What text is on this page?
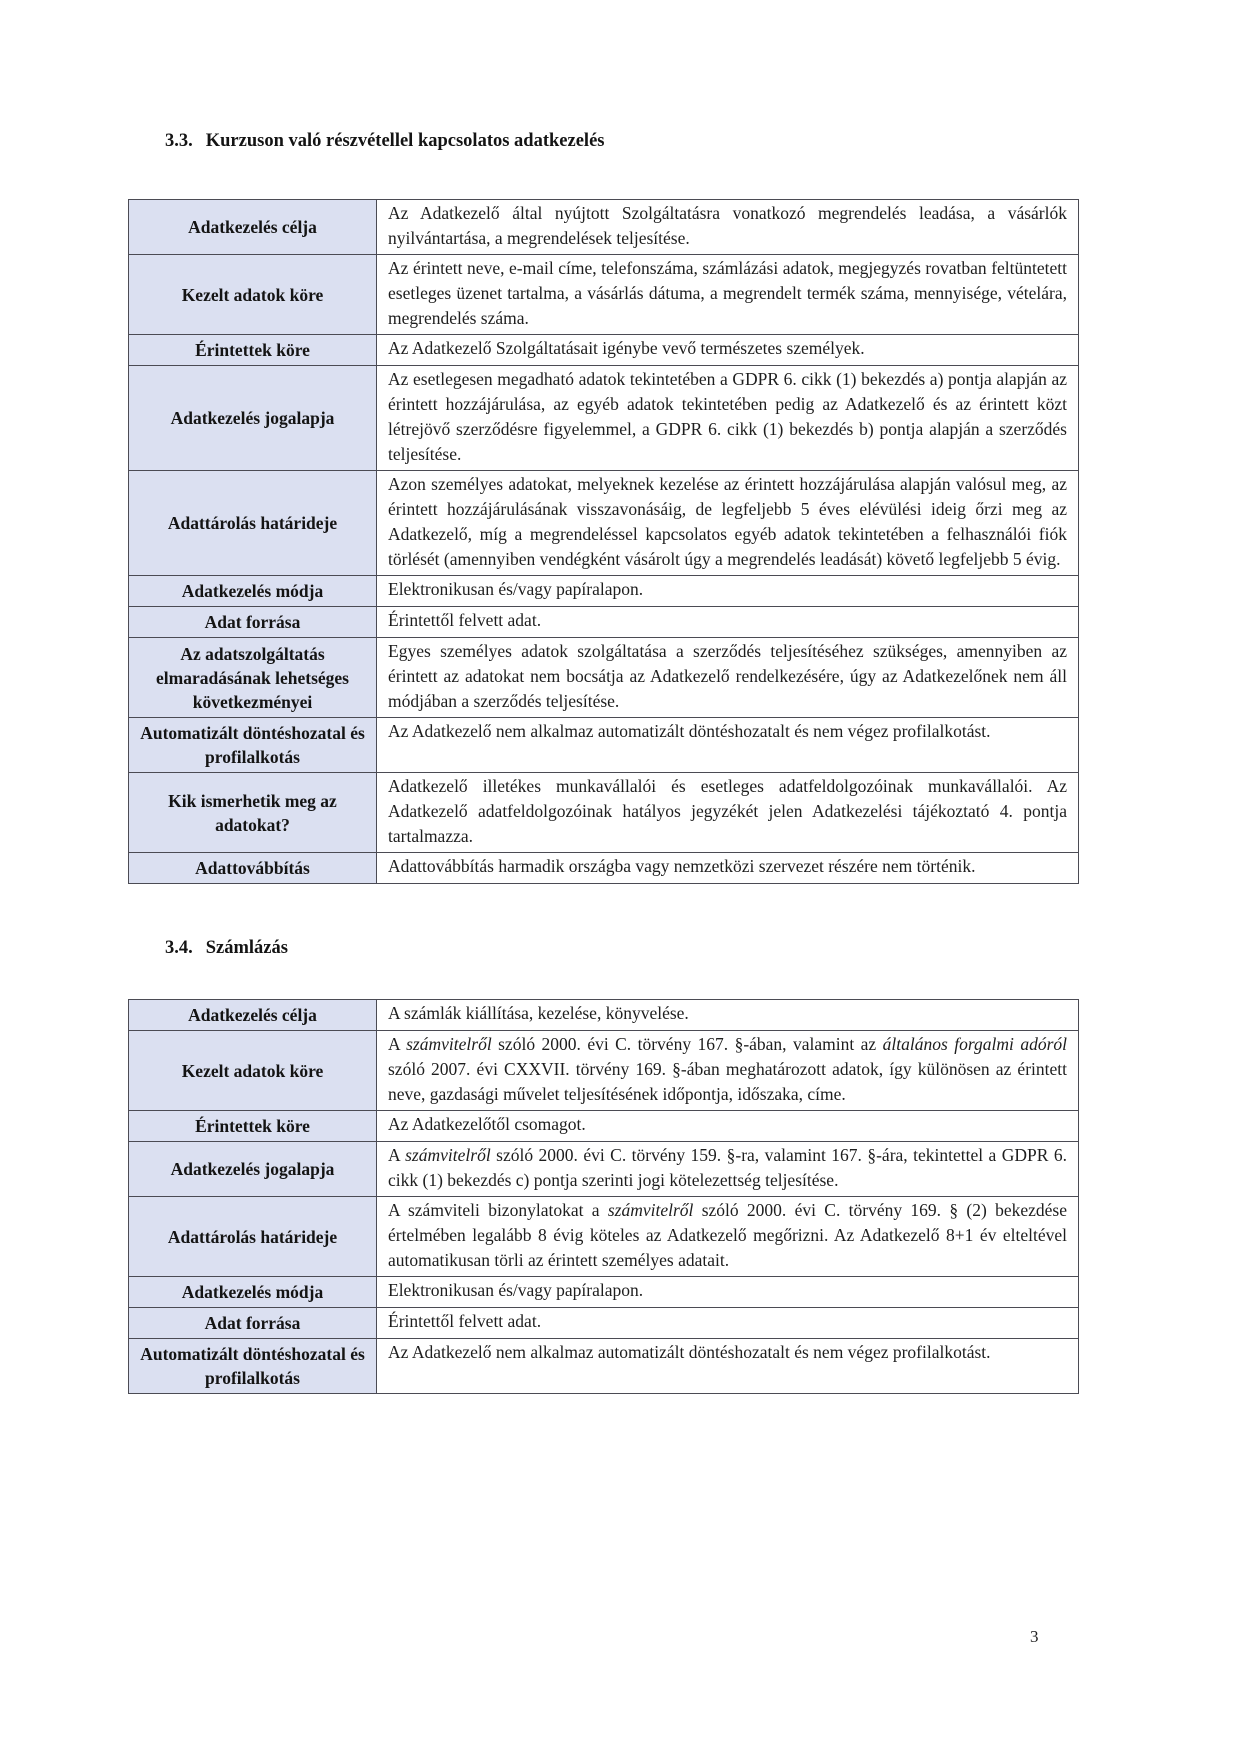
3.3. Kurzuson való részvétellel kapcsolatos adatkezelés
Adatkezelés célja	Az Adatkezelő által nyújtott Szolgáltatásra vonatkozó megrendelés leadása, a vásárlók nyilvántartása, a megrendelések teljesítése.
Kezelt adatok köre	Az érintett neve, e-mail címe, telefonszáma, számlázási adatok, megjegyzés rovatban feltüntetett esetleges üzenet tartalma, a vásárlás dátuma, a megrendelt termék száma, mennyisége, vételára, megrendelés száma.
Érintettek köre	Az Adatkezelő Szolgáltatásait igénybe vevő természetes személyek.
Adatkezelés jogalapja	Az esetlegesen megadható adatok tekintetében a GDPR 6. cikk (1) bekezdés a) pontja alapján az érintett hozzájárulása, az egyéb adatok tekintetében pedig az Adatkezelő és az érintett közt létrejövő szerződésre figyelemmel, a GDPR 6. cikk (1) bekezdés b) pontja alapján a szerződés teljesítése.
Adattárolás határideje	Azon személyes adatokat, melyeknek kezelése az érintett hozzájárulása alapján valósul meg, az érintett hozzájárulásának visszavonásáig, de legfeljebb 5 éves elévülési ideig őrzi meg az Adatkezelő, míg a megrendeléssel kapcsolatos egyéb adatok tekintetében a felhasználói fiók törlését (amennyiben vendégként vásárolt úgy a megrendelés leadását) követő legfeljebb 5 évig.
Adatkezelés módja	Elektronikusan és/vagy papíralapon.
Adat forrása	Érintettől felvett adat.
Az adatszolgáltatás elmaradásának lehetséges következményei	Egyes személyes adatok szolgáltatása a szerződés teljesítéséhez szükséges, amennyiben az érintett az adatokat nem bocsátja az Adatkezelő rendelkezésére, úgy az Adatkezelőnek nem áll módjában a szerződés teljesítése.
Automatizált döntéshozatal és profilalkotás	Az Adatkezelő nem alkalmaz automatizált döntéshozatalt és nem végez profilalkotást.
Kik ismerhetik meg az adatokat?	Adatkezelő illetékes munkavállalói és esetleges adatfeldolgozóinak munkavállalói. Az Adatkezelő adatfeldolgozóinak hatályos jegyzékét jelen Adatkezelési tájékoztató 4. pontja tartalmazza.
Adattovábbítás	Adattovábbítás harmadik országba vagy nemzetközi szervezet részére nem történik.
3.4. Számlázás
Adatkezelés célja	A számlák kiállítása, kezelése, könyvelése.
Kezelt adatok köre	A számvitelről szóló 2000. évi C. törvény 167. §-ában, valamint az általános forgalmi adóról szóló 2007. évi CXXVII. törvény 169. §-ában meghatározott adatok, így különösen az érintett neve, gazdasági művelet teljesítésének időpontja, időszaka, címe.
Érintettek köre	Az Adatkezelőtől csomagot.
Adatkezelés jogalapja	A számvitelről szóló 2000. évi C. törvény 159. §-ra, valamint 167. §-ára, tekintettel a GDPR 6. cikk (1) bekezdés c) pontja szerinti jogi kötelezettség teljesítése.
Adattárolás határideje	A számviteli bizonylatokat a számvitelről szóló 2000. évi C. törvény 169. § (2) bekezdése értelmében legalább 8 évig köteles az Adatkezelő megőrizni. Az Adatkezelő 8+1 év elteltével automatikusan törli az érintett személyes adatait.
Adatkezelés módja	Elektronikusan és/vagy papíralapon.
Adat forrása	Érintettől felvett adat.
Automatizált döntéshozatal és profilalkotás	Az Adatkezelő nem alkalmaz automatizált döntéshozatalt és nem végez profilalkotást.
3
